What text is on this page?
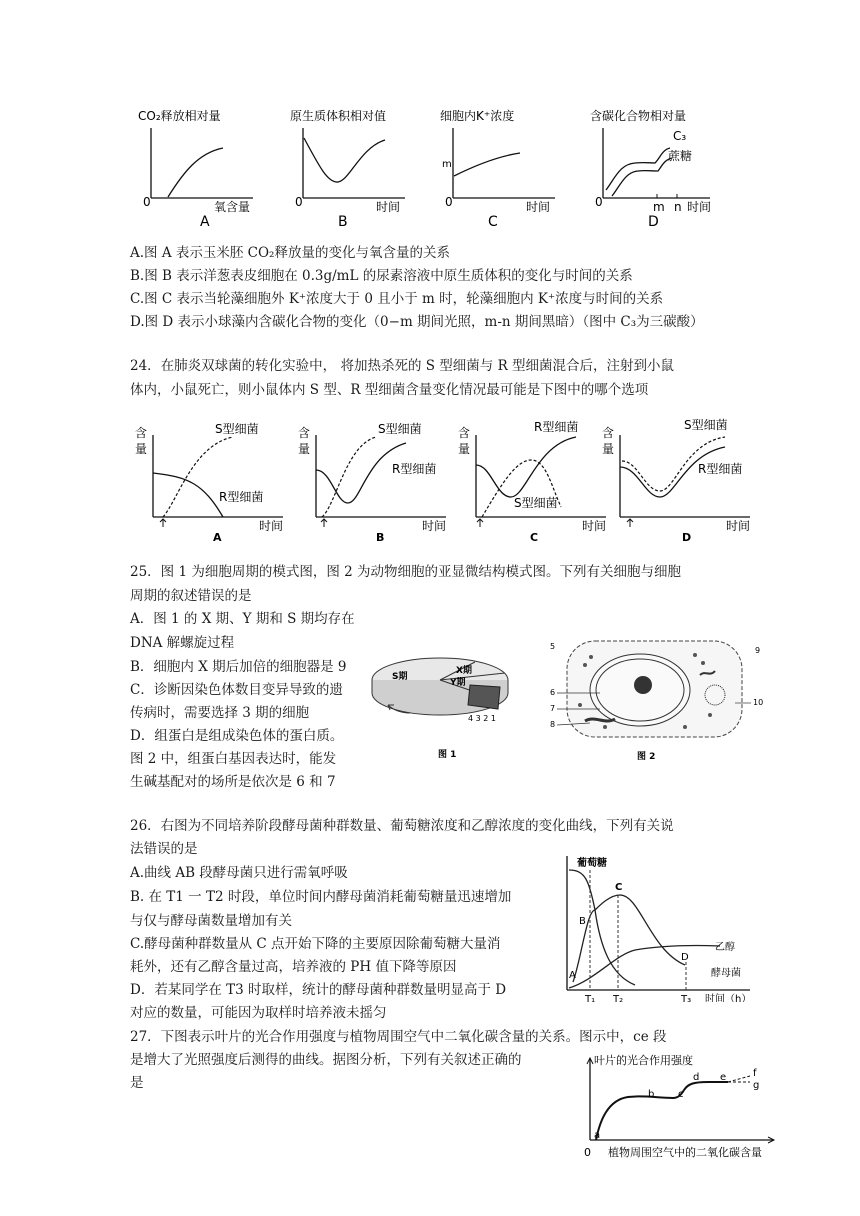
CO₂释放相对量
0	氧含量
A
原生质体积相对值
0	时间
B
细胞内K⁺浓度
m
0	时间
C
含碳化合物相对量
C₃
蔗糖
m n
0	时间
D
A.图 A 表示玉米胚 CO₂释放量的变化与氧含量的关系
B.图 B 表示洋葱表皮细胞在 0.3g/mL 的尿素溶液中原生质体积的变化与时间的关系
C.图 C 表示当轮藻细胞外 K⁺浓度大于 0 且小于 m 时，轮藻细胞内 K⁺浓度与时间的关系
D.图 D 表示小球藻内含碳化合物的变化（0−m 期间光照，m-n 期间黑暗）（图中 C₃为三碳酸）
24．在肺炎双球菌的转化实验中， 将加热杀死的 S 型细菌与 R 型细菌混合后，注射到小鼠
体内，小鼠死亡，则小鼠体内 S 型、R 型细菌含量变化情况最可能是下图中的哪个选项
含
量
S型细菌
R型细菌
时间
A
含
量
S型细菌
R型细菌
时间
B
含
量
R型细菌
S型细菌
时间
C
含
量
S型细菌
R型细菌
时间
D
25．图 1 为细胞周期的模式图，图 2 为动物细胞的亚显微结构模式图。下列有关细胞与细胞
周期的叙述错误的是
A．图 1 的 X 期、Y 期和 S 期均存在
DNA 解螺旋过程
B．细胞内 X 期后加倍的细胞器是 9
C．诊断因染色体数目变异导致的遗
传病时，需要选择 3 期的细胞
D．组蛋白是组成染色体的蛋白质。
图 2 中，组蛋白基因表达时，能发
生碱基配对的场所是依次是 6 和 7
S期
X期
Y期
4 3 2 1
图 1
5
6
7
8
9
10
图 2
26．右图为不同培养阶段酵母菌种群数量、葡萄糖浓度和乙醇浓度的变化曲线，下列有关说
法错误的是
A.曲线 AB 段酵母菌只进行需氧呼吸
B. 在 T1 一 T2 时段，单位时间内酵母菌消耗葡萄糖量迅速增加
与仅与酵母菌数量增加有关
C.酵母菌种群数量从 C 点开始下降的主要原因除葡萄糖大量消
耗外，还有乙醇含量过高，培养液的 PH 值下降等原因
D．若某同学在 T3 时取样，统计的酵母菌种群数量明显高于 D
对应的数量，可能因为取样时培养液未摇匀
葡萄糖
A
B
C
D
乙醇
酵母菌
T₁ T₂	T₃ 时间（h）
27．下图表示叶片的光合作用强度与植物周围空气中二氧化碳含量的关系。图示中，ce 段
是增大了光照强度后测得的曲线。据图分析，下列有关叙述正确的
是
叶片的光合作用强度
a
b c
d e	f
g
0 植物周围空气中的二氧化碳含量
